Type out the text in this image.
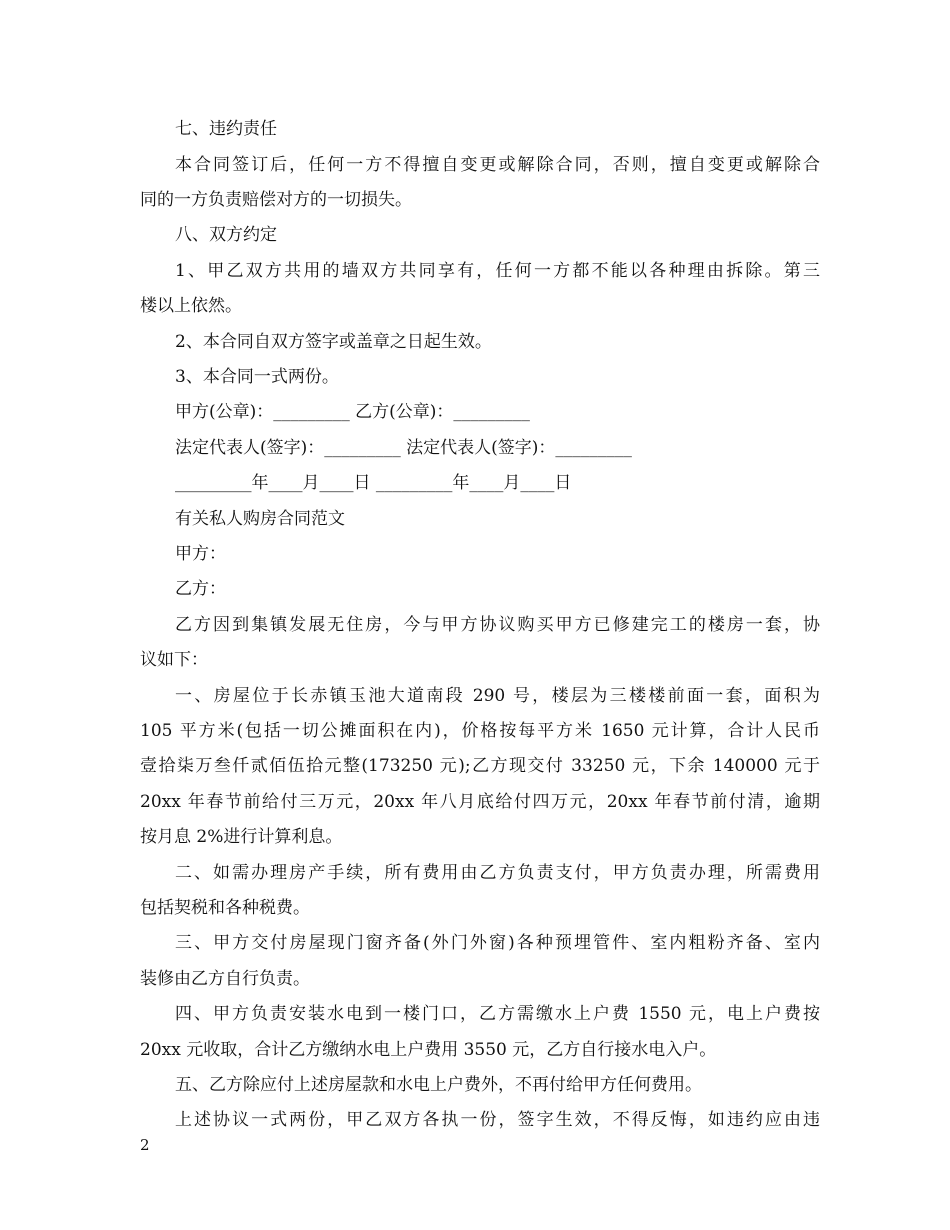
七、违约责任
本合同签订后，任何一方不得擅自变更或解除合同，否则，擅自变更或解除合
同的一方负责赔偿对方的一切损失。
八、双方约定
1、甲乙双方共用的墙双方共同享有，任何一方都不能以各种理由拆除。第三
楼以上依然。
2、本合同自双方签字或盖章之日起生效。
3、本合同一式两份。
甲方(公章)：_________ 乙方(公章)：_________
法定代表人(签字)：_________ 法定代表人(签字)：_________
_________年____月____日 _________年____月____日
有关私人购房合同范文
甲方：
乙方：
乙方因到集镇发展无住房，今与甲方协议购买甲方已修建完工的楼房一套，协
议如下：
一、房屋位于长赤镇玉池大道南段 290 号，楼层为三楼楼前面一套，面积为
105 平方米(包括一切公摊面积在内)，价格按每平方米 1650 元计算，合计人民币
壹拾柒万叁仟贰佰伍拾元整(173250 元);乙方现交付 33250 元，下余 140000 元于
20xx 年春节前给付三万元，20xx 年八月底给付四万元，20xx 年春节前付清，逾期
按月息 2%进行计算利息。
二、如需办理房产手续，所有费用由乙方负责支付，甲方负责办理，所需费用
包括契税和各种税费。
三、甲方交付房屋现门窗齐备(外门外窗)各种预埋管件、室内粗粉齐备、室内
装修由乙方自行负责。
四、甲方负责安装水电到一楼门口，乙方需缴水上户费 1550 元，电上户费按
20xx 元收取，合计乙方缴纳水电上户费用 3550 元，乙方自行接水电入户。
五、乙方除应付上述房屋款和水电上户费外，不再付给甲方任何费用。
上述协议一式两份，甲乙双方各执一份，签字生效，不得反悔，如违约应由违
2
